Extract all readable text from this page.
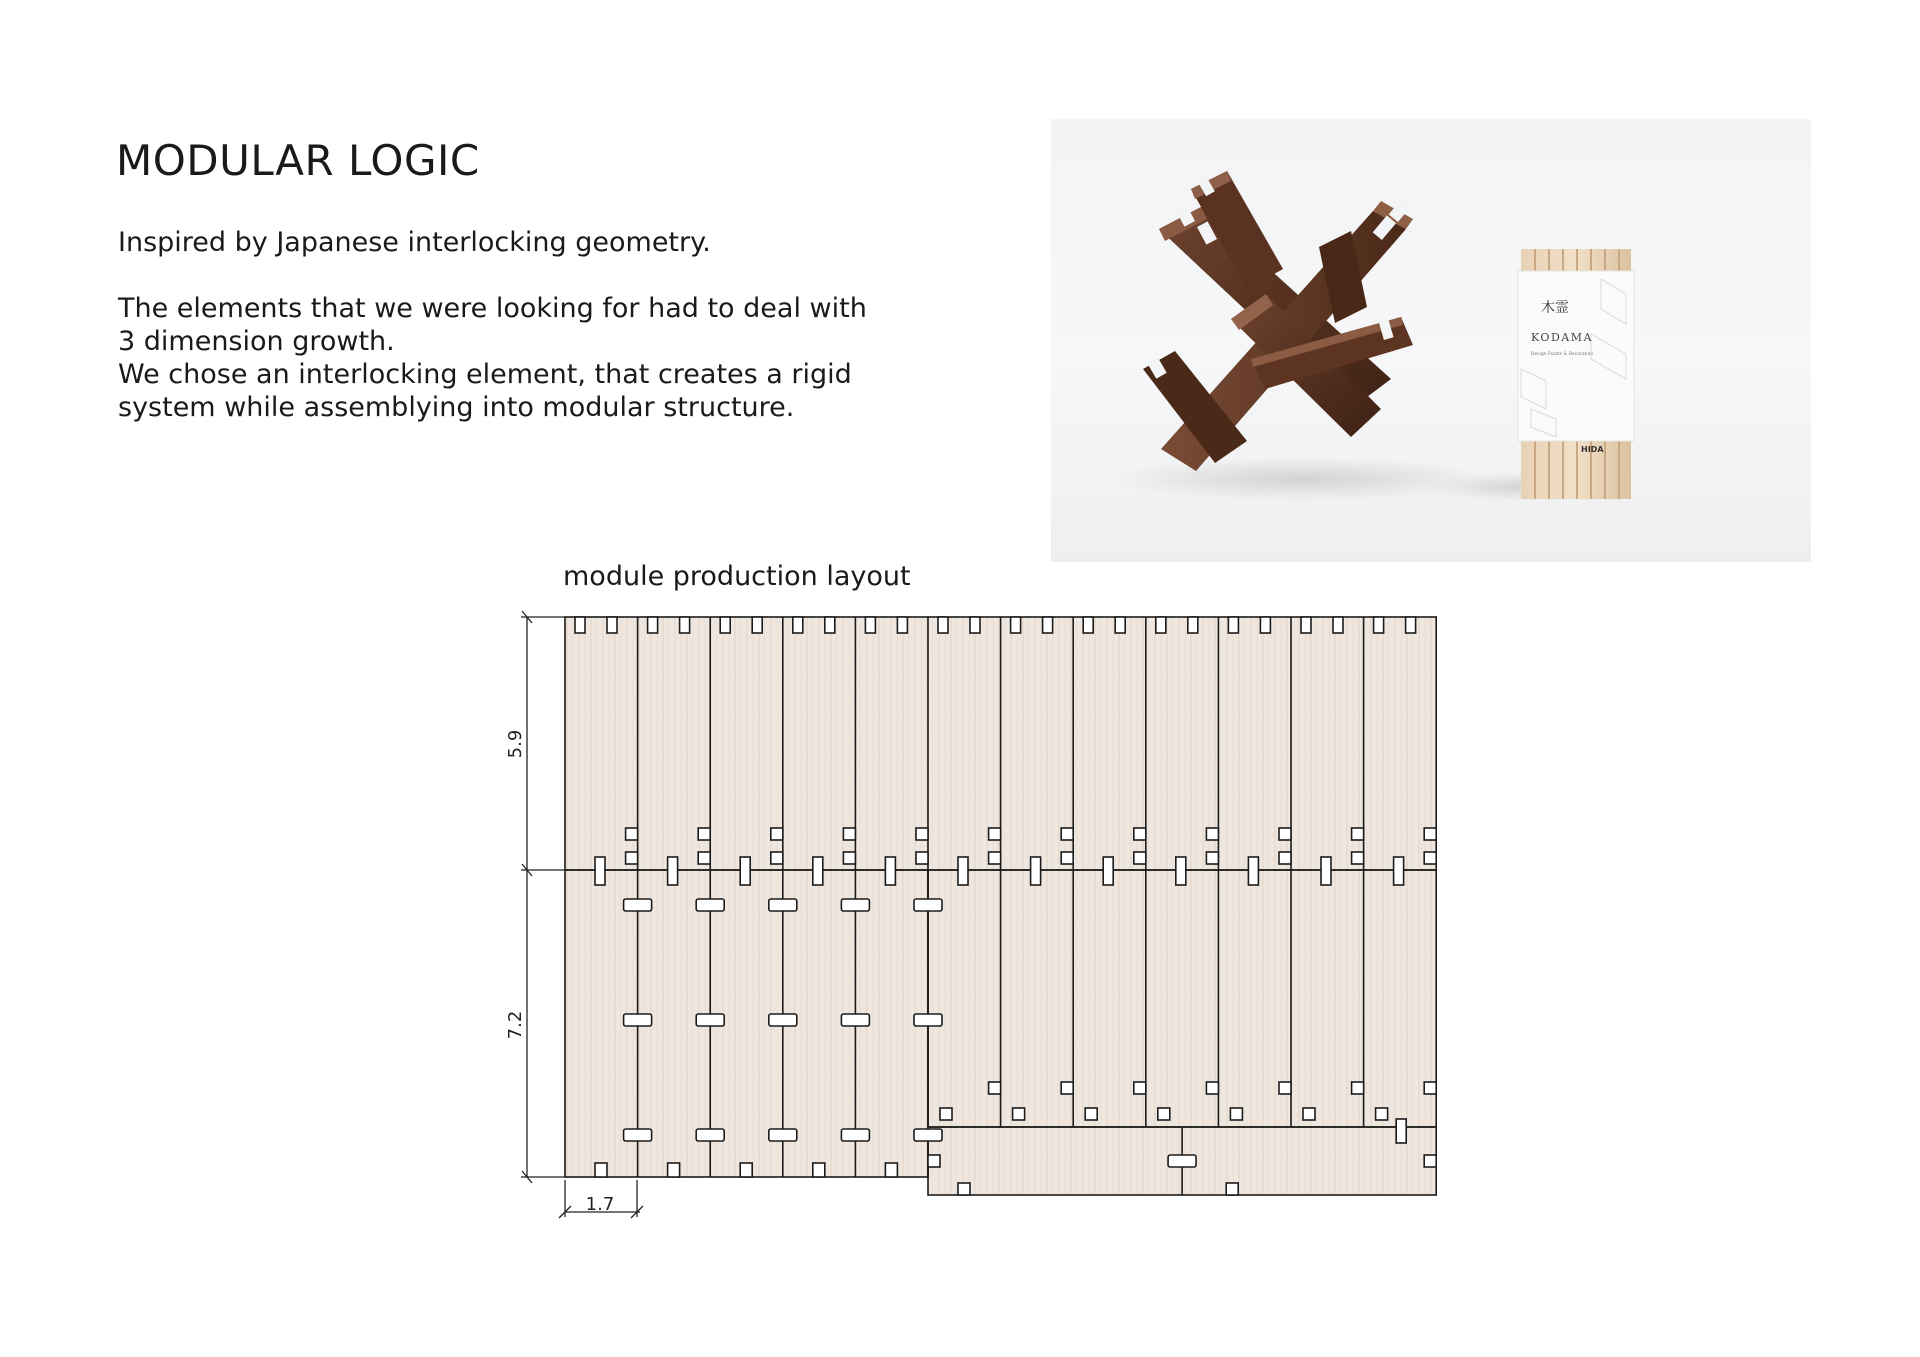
MODULAR LOGIC

Inspired by Japanese interlocking geometry.

The elements that we were looking for had to deal with

3 dimension growth.

We chose an interlocking element, that creates a rigid

system while assemblying into modular structure.

木霊
KODAMA
Design Puzzle & Decoration
HIDA
module production layout
5.9
7.2
1.7
